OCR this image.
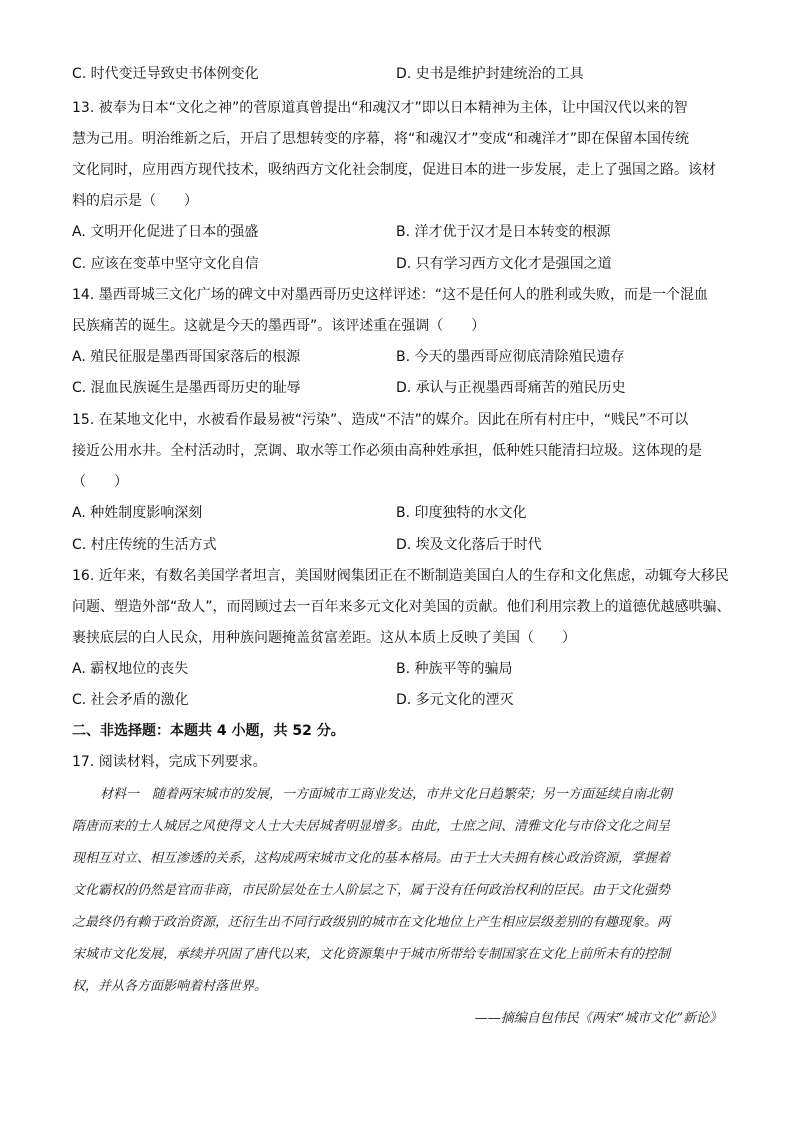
C. 时代变迁导致史书体例变化	D. 史书是维护封建统治的工具
13. 被奉为日本“文化之神”的菅原道真曾提出“和魂汉才”即以日本精神为主体，让中国汉代以来的智
慧为己用。明治维新之后，开启了思想转变的序幕，将“和魂汉才”变成“和魂洋才”即在保留本国传统
文化同时，应用西方现代技术，吸纳西方文化社会制度，促进日本的进一步发展，走上了强国之路。该材
料的启示是（　　）
A. 文明开化促进了日本的强盛	B. 洋才优于汉才是日本转变的根源
C. 应该在变革中坚守文化自信	D. 只有学习西方文化才是强国之道
14. 墨西哥城三文化广场的碑文中对墨西哥历史这样评述：“这不是任何人的胜利或失败，而是一个混血
民族痛苦的诞生。这就是今天的墨西哥”。该评述重在强调（　　）
A. 殖民征服是墨西哥国家落后的根源	B. 今天的墨西哥应彻底清除殖民遗存
C. 混血民族诞生是墨西哥历史的耻辱	D. 承认与正视墨西哥痛苦的殖民历史
15. 在某地文化中，水被看作最易被“污染”、造成“不洁”的媒介。因此在所有村庄中，“贱民”不可以
接近公用水井。全村活动时，烹调、取水等工作必须由高种姓承担，低种姓只能清扫垃圾。这体现的是
（　　）
A. 种姓制度影响深刻	B. 印度独特的水文化
C. 村庄传统的生活方式	D. 埃及文化落后于时代
16. 近年来，有数名美国学者坦言，美国财阀集团正在不断制造美国白人的生存和文化焦虑，动辄夸大移民
问题、塑造外部“敌人”，而罔顾过去一百年来多元文化对美国的贡献。他们利用宗教上的道德优越感哄骗、
裹挟底层的白人民众，用种族问题掩盖贫富差距。这从本质上反映了美国（　　）
A. 霸权地位的丧失	B. 种族平等的骗局
C. 社会矛盾的激化	D. 多元文化的湮灭
二、非选择题：本题共 4 小题，共 52 分。
17. 阅读材料，完成下列要求。
材料一　随着两宋城市的发展，一方面城市工商业发达，市井文化日趋繁荣；另一方面延续自南北朝
隋唐而来的士人城居之风使得文人士大夫居城者明显增多。由此，士庶之间、清雅文化与市俗文化之间呈
现相互对立、相互渗透的关系，这构成两宋城市文化的基本格局。由于士大夫拥有核心政治资源，掌握着
文化霸权的仍然是官而非商，市民阶层处在士人阶层之下，属于没有任何政治权利的臣民。由于文化强势
之最终仍有赖于政治资源，还衍生出不同行政级别的城市在文化地位上产生相应层级差别的有趣现象。两
宋城市文化发展，承续并巩固了唐代以来，文化资源集中于城市所带给专制国家在文化上前所未有的控制
权，并从各方面影响着村落世界。
——摘编自包伟民《两宋“城市文化”新论》
